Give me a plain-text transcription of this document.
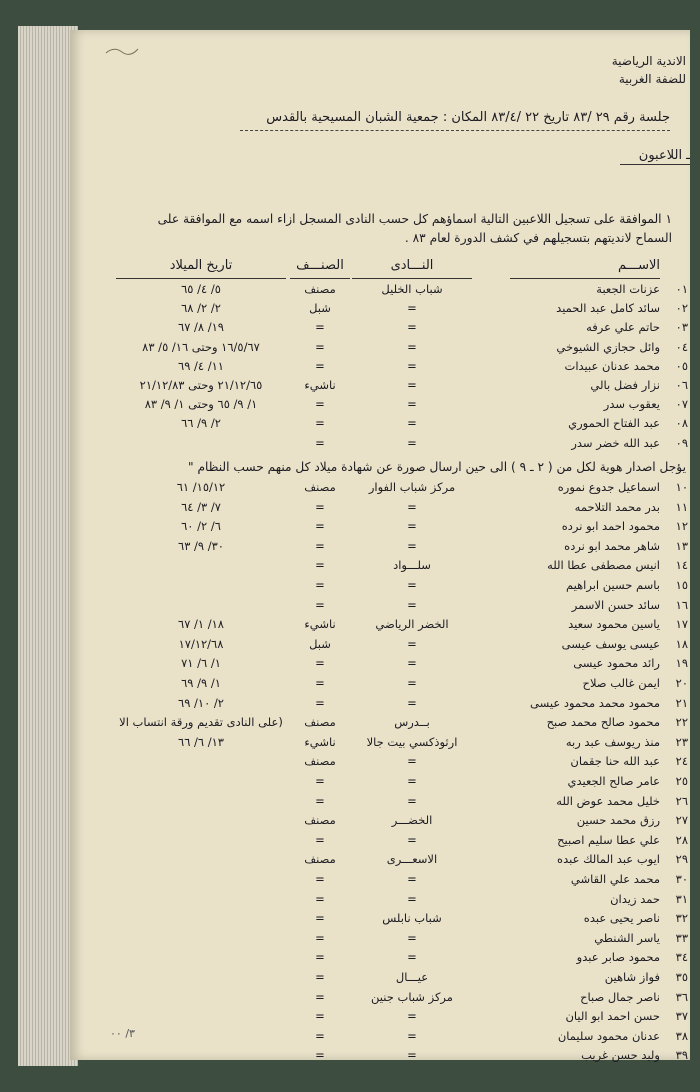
الاندية الرياضية
للضفة الغربية
جلسة رقم ٢٩ /٨٣ تاريخ ٢٢ /٨٣/٤ المكان : جمعية الشبان المسيحية بالقدس
ـ اللاعبون
١ الموافقة على تسجيل اللاعبين التالية اسماؤهم كل حسب النادى المسجل ازاء اسمه مع الموافقة على السماح لانديتهم بتسجيلهم في كشف الدورة لعام ٨٣ .
الاســـم
النـــادى
الصنـــف
تاريخ الميلاد
٠١
عزنات الجعبة
شباب الخليل
مصنف
٥/ ٤/ ٦٥
٠٢
سائد كامل عبد الحميد
=
شبل
٢/ ٢/ ٦٨
٠٣
حاتم علي عرفه
=
=
١٩/ ٨/ ٦٧
٠٤
وائل حجازي الشيوخي
=
=
١٦/٥/٦٧ وحتى ١٦/ ٥/ ٨٣
٠٥
محمد عدنان عبيدات
=
=
١١/ ٤/ ٦٩
٠٦
نزار فضل بالي
=
ناشيء
٢١/١٢/٦٥ وحتى ٢١/١٢/٨٣
٠٧
يعقوب سدر
=
=
١/ ٩/ ٦٥ وحتى ١/ ٩/ ٨٣
٠٨
عبد الفتاح الحموري
=
=
٢/ ٩/ ٦٦
٠٩
عبد الله خضر سدر
=
=
يؤجل اصدار هوية لكل من ( ٢ ـ ٩ ) الى حين ارسال صورة عن شهادة ميلاد كل منهم حسب النظام "
١٠
اسماعيل جدوع نموره
مركز شباب الفوار
مصنف
١٥/١٢/ ٦١
١١
بدر محمد التلاحمه
=
=
٧/ ٣/ ٦٤
١٢
محمود احمد ابو نرده
=
=
٦/ ٢/ ٦٠
١٣
شاهر محمد ابو نرده
=
=
٣٠/ ٩/ ٦٣
١٤
انيس مصطفى عطا الله
سلـــواد
=
١٥
باسم حسين ابراهيم
=
=
١٦
سائد حسن الاسمر
=
=
١٧
ياسين محمود سعيد
الخضر الرياضي
ناشيء
١٨/ ١/ ٦٧
١٨
عيسى يوسف عيسى
=
شبل
١٧/١٢/٦٨
١٩
رائد محمود عيسى
=
=
١/ ٦/ ٧١
٢٠
ايمن غالب صلاح
=
=
١/ ٩/ ٦٩
٢١
محمود محمد محمود عيسى
=
=
٢/ ١٠/ ٦٩
٢٢
محمود صالح محمد صبح
بــدرس
مصنف
(على النادى تقديم ورقة انتساب الا
٢٣
منذ ريوسف عبد ربه
ارثوذكسي بيت جالا
ناشيء
١٣/ ٦/ ٦٦
٢٤
عبد الله حنا جقمان
=
مصنف
٢٥
عامر صالح الجعيدي
=
=
٢٦
خليل محمد عوض الله
=
=
٢٧
رزق محمد حسين
الخضـــر
مصنف
٢٨
علي عطا سليم اصبيح
=
=
٢٩
ايوب عبد المالك عبده
الاسعـــرى
مصنف
٣٠
محمد علي القاشي
=
=
٣١
حمد زيدان
=
=
٣٢
ناصر يحيى عبده
شباب نابلس
=
٣٣
ياسر الشنطي
=
=
٣٤
محمود صابر عبدو
=
=
٣٥
فواز شاهين
عيـــال
=
٣٦
ناصر جمال صباح
مركز شباب جنين
=
٣٧
حسن احمد ابو اليان
=
=
٣٨
عدنان محمود سليمان
=
=
٣٩
وليد حسن غريب
=
=
٣/ ٠٠
